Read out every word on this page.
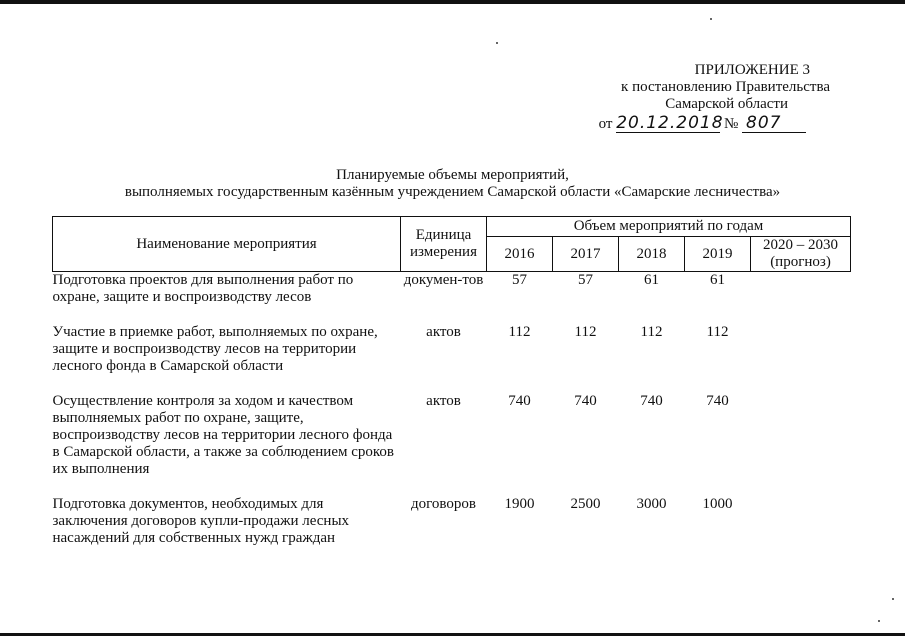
ПРИЛОЖЕНИЕ 3
к постановлению Правительства
Самарской области
от 20.12.2018 № 807
Планируемые объемы мероприятий,
выполняемых государственным казённым учреждением Самарской области «Самарские лесничества»
Наименование мероприятия	Единица измерения	Объем мероприятий по годам				
		2016	2017	2018	2019	2020 – 2030 (прогноз)
Подготовка проектов для выполнения работ по охране, защите и воспроизводству лесов	докумен-тов	57	57	61	61	
Участие в приемке работ, выполняемых по охране, защите и воспроизводству лесов на территории лесного фонда в Самарской области	актов	112	112	112	112	
Осуществление контроля за ходом и качеством выполняемых работ по охране, защите, воспроизводству лесов на территории лесного фонда в Самарской области, а также за соблюдением сроков их выполнения	актов	740	740	740	740	
Подготовка документов, необходимых для заключения договоров купли-продажи лесных насаждений для собственных нужд граждан	договоров	1900	2500	3000	1000	
